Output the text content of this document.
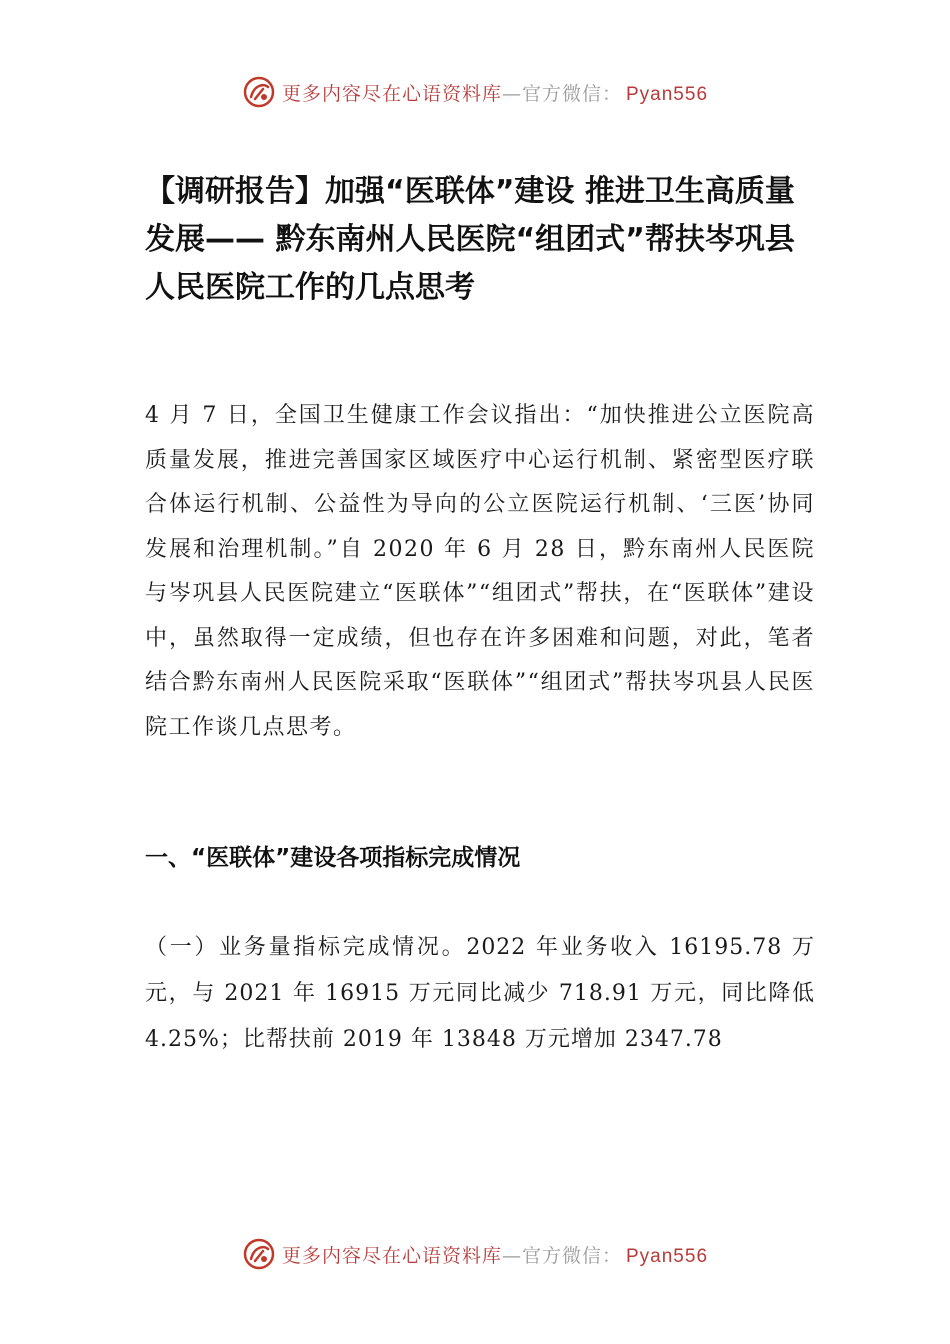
更多内容尽在心语资料库—官方微信： Pyan556
【调研报告】加强“医联体”建设 推进卫生高质量发展—— 黔东南州人民医院“组团式”帮扶岑巩县人民医院工作的几点思考

4 月 7 日，全国卫生健康工作会议指出：“加快推进公立医院高质量发展，推进完善国家区域医疗中心运行机制、紧密型医疗联合体运行机制、公益性为导向的公立医院运行机制、‘三医’协同发展和治理机制。”自 2020 年 6 月 28 日，黔东南州人民医院与岑巩县人民医院建立“医联体”“组团式”帮扶，在“医联体”建设中，虽然取得一定成绩，但也存在许多困难和问题，对此，笔者结合黔东南州人民医院采取“医联体”“组团式”帮扶岑巩县人民医院工作谈几点思考。

一、“医联体”建设各项指标完成情况

（一）业务量指标完成情况。2022 年业务收入 16195.78 万元，与 2021 年 16915 万元同比减少 718.91 万元，同比降低 4.25%；比帮扶前 2019 年 13848 万元增加 2347.78

更多内容尽在心语资料库—官方微信： Pyan556
